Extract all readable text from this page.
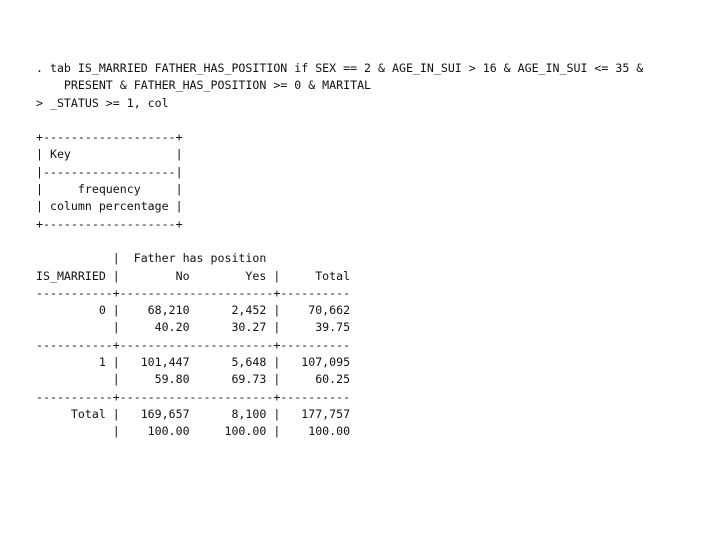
. tab IS_MARRIED FATHER_HAS_POSITION if SEX == 2 & AGE_IN_SUI > 16 & AGE_IN_SUI <= 35 &
PRESENT & FATHER_HAS_POSITION >= 0 & MARITAL
> _STATUS >= 1, col
+-------------------+
| Key               |
|-------------------|
|     frequency     |
| column percentage |
+-------------------+
|  Father has position
IS_MARRIED |        No        Yes |     Total
-----------+----------------------+----------
0 |    68,210      2,452 |    70,662
|     40.20      30.27 |     39.75
-----------+----------------------+----------
1 |   101,447      5,648 |   107,095
|     59.80      69.73 |     60.25
-----------+----------------------+----------
Total |   169,657      8,100 |   177,757
|    100.00     100.00 |    100.00
